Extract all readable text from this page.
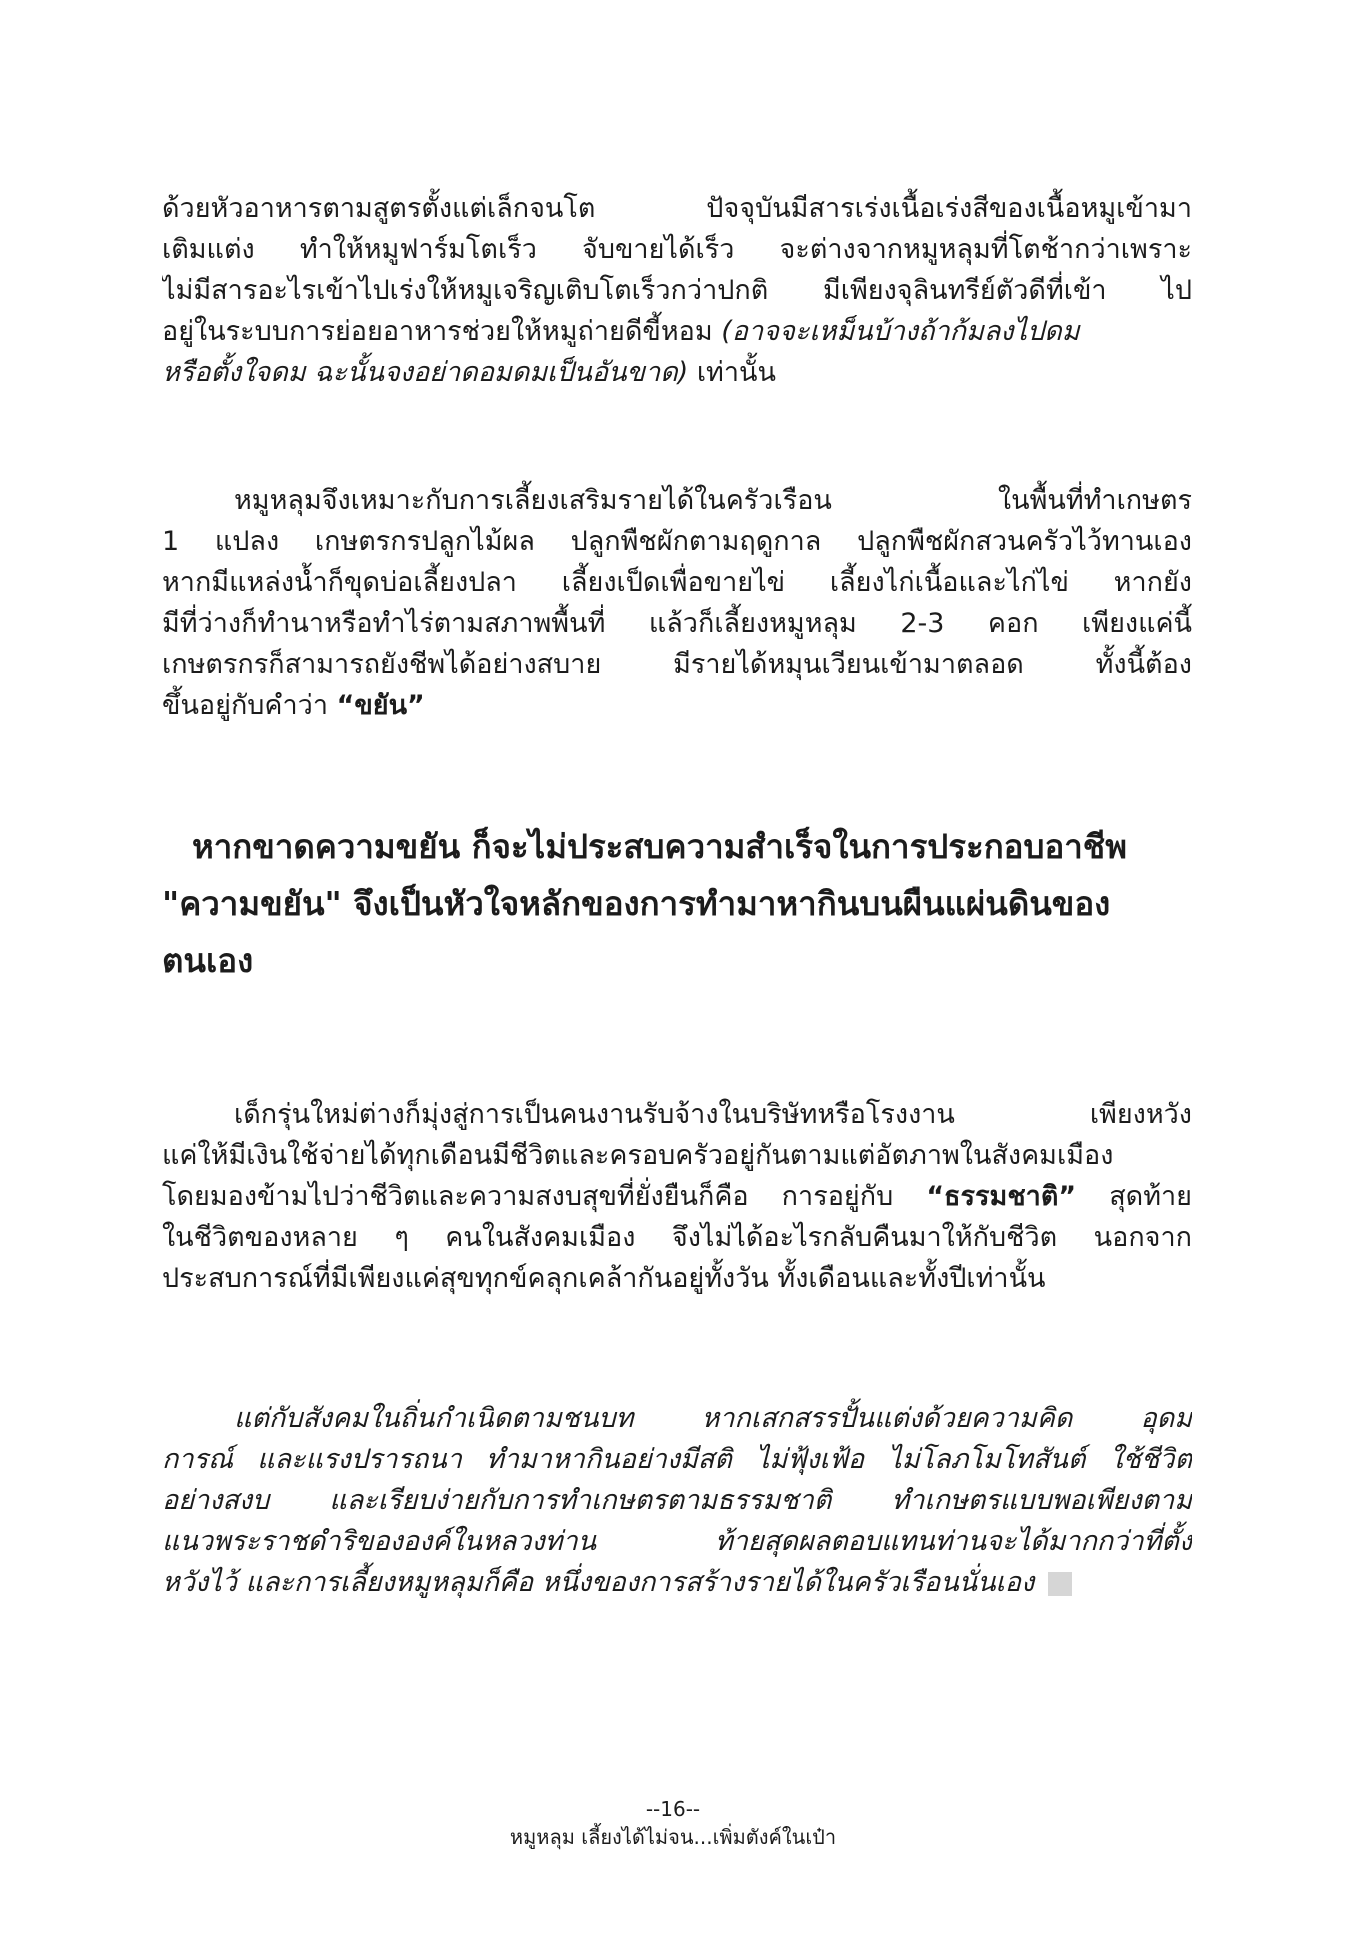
ด้วยหัวอาหารตามสูตรตั้งแต่เล็กจนโต ปัจจุบันมีสารเร่งเนื้อเร่งสีของเนื้อหมูเข้ามา
เติมแต่ง ทำให้หมูฟาร์มโตเร็ว จับขายได้เร็ว จะต่างจากหมูหลุมที่โตช้ากว่าเพราะ
ไม่มีสารอะไรเข้าไปเร่งให้หมูเจริญเติบโตเร็วกว่าปกติ มีเพียงจุลินทรีย์ตัวดีที่เข้า ไป
อยู่ในระบบการย่อยอาหารช่วยให้หมูถ่ายดีขี้หอม (อาจจะเหม็นบ้างถ้าก้มลงไปดม
หรือตั้งใจดม ฉะนั้นจงอย่าดอมดมเป็นอันขาด) เท่านั้น
หมูหลุมจึงเหมาะกับการเลี้ยงเสริมรายได้ในครัวเรือน ในพื้นที่ทำเกษตร
1 แปลง เกษตรกรปลูกไม้ผล ปลูกพืชผักตามฤดูกาล ปลูกพืชผักสวนครัวไว้ทานเอง
หากมีแหล่งน้ำก็ขุดบ่อเลี้ยงปลา เลี้ยงเป็ดเพื่อขายไข่ เลี้ยงไก่เนื้อและไก่ไข่ หากยัง
มีที่ว่างก็ทำนาหรือทำไร่ตามสภาพพื้นที่ แล้วก็เลี้ยงหมูหลุม 2-3 คอก เพียงแค่นี้
เกษตรกรก็สามารถยังชีพได้อย่างสบาย มีรายได้หมุนเวียนเข้ามาตลอด ทั้งนี้ต้อง
ขึ้นอยู่กับคำว่า “ขยัน”
หากขาดความขยัน ก็จะไม่ประสบความสำเร็จในการประกอบอาชีพ
"ความขยัน" จึงเป็นหัวใจหลักของการทำมาหากินบนผืนแผ่นดินของ
ตนเอง
เด็กรุ่นใหม่ต่างก็มุ่งสู่การเป็นคนงานรับจ้างในบริษัทหรือโรงงาน เพียงหวัง
แค่ให้มีเงินใช้จ่ายได้ทุกเดือนมีชีวิตและครอบครัวอยู่กันตามแต่อัตภาพในสังคมเมือง
โดยมองข้ามไปว่าชีวิตและความสงบสุขที่ยั่งยืนก็คือ การอยู่กับ “ธรรมชาติ” สุดท้าย
ในชีวิตของหลาย ๆ คนในสังคมเมือง จึงไม่ได้อะไรกลับคืนมาให้กับชีวิต นอกจาก
ประสบการณ์ที่มีเพียงแค่สุขทุกข์คลุกเคล้ากันอยู่ทั้งวัน ทั้งเดือนและทั้งปีเท่านั้น
แต่กับสังคมในถิ่นกำเนิดตามชนบท หากเสกสรรปั้นแต่งด้วยความคิด อุดม
การณ์ และแรงปรารถนา ทำมาหากินอย่างมีสติ ไม่ฟุ้งเฟ้อ ไม่โลภโมโทสันต์ ใช้ชีวิต
อย่างสงบ และเรียบง่ายกับการทำเกษตรตามธรรมชาติ ทำเกษตรแบบพอเพียงตาม
แนวพระราชดำริขององค์ในหลวงท่าน ท้ายสุดผลตอบแทนท่านจะได้มากกว่าที่ตั้ง
หวังไว้ และการเลี้ยงหมูหลุมก็คือ หนึ่งของการสร้างรายได้ในครัวเรือนนั่นเอง
--16--
หมูหลุม เลี้ยงได้ไม่จน...เพิ่มตังค์ในเป๋า
